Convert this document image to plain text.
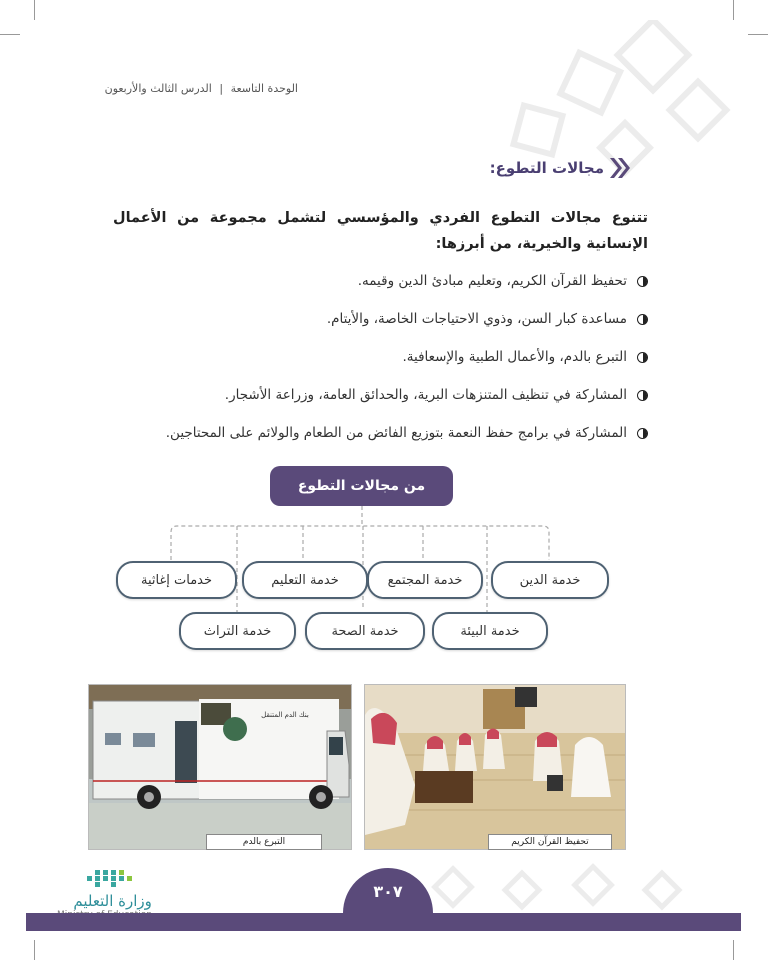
الوحدة التاسعة | الدرس الثالث والأربعون
مجالات التطوع:
تتنوع مجالات التطوع الفردي والمؤسسي لتشمل مجموعة من الأعمال الإنسانية والخيرية، من أبرزها:
تحفيظ القرآن الكريم، وتعليم مبادئ الدين وقيمه.
مساعدة كبار السن، وذوي الاحتياجات الخاصة، والأيتام.
التبرع بالدم، والأعمال الطبية والإسعافية.
المشاركة في تنظيف المتنزهات البرية، والحدائق العامة، وزراعة الأشجار.
المشاركة في برامج حفظ النعمة بتوزيع الفائض من الطعام والولائم على المحتاجين.
من مجالات التطوع
خدمة الدين
خدمة المجتمع
خدمة التعليم
خدمات إغاثية
خدمة البيئة
خدمة الصحة
خدمة التراث
بنك الدم المتنقل
التبرع بالدم	تحفيظ القرآن الكريم
وزارة التعليم
٣٠٧
